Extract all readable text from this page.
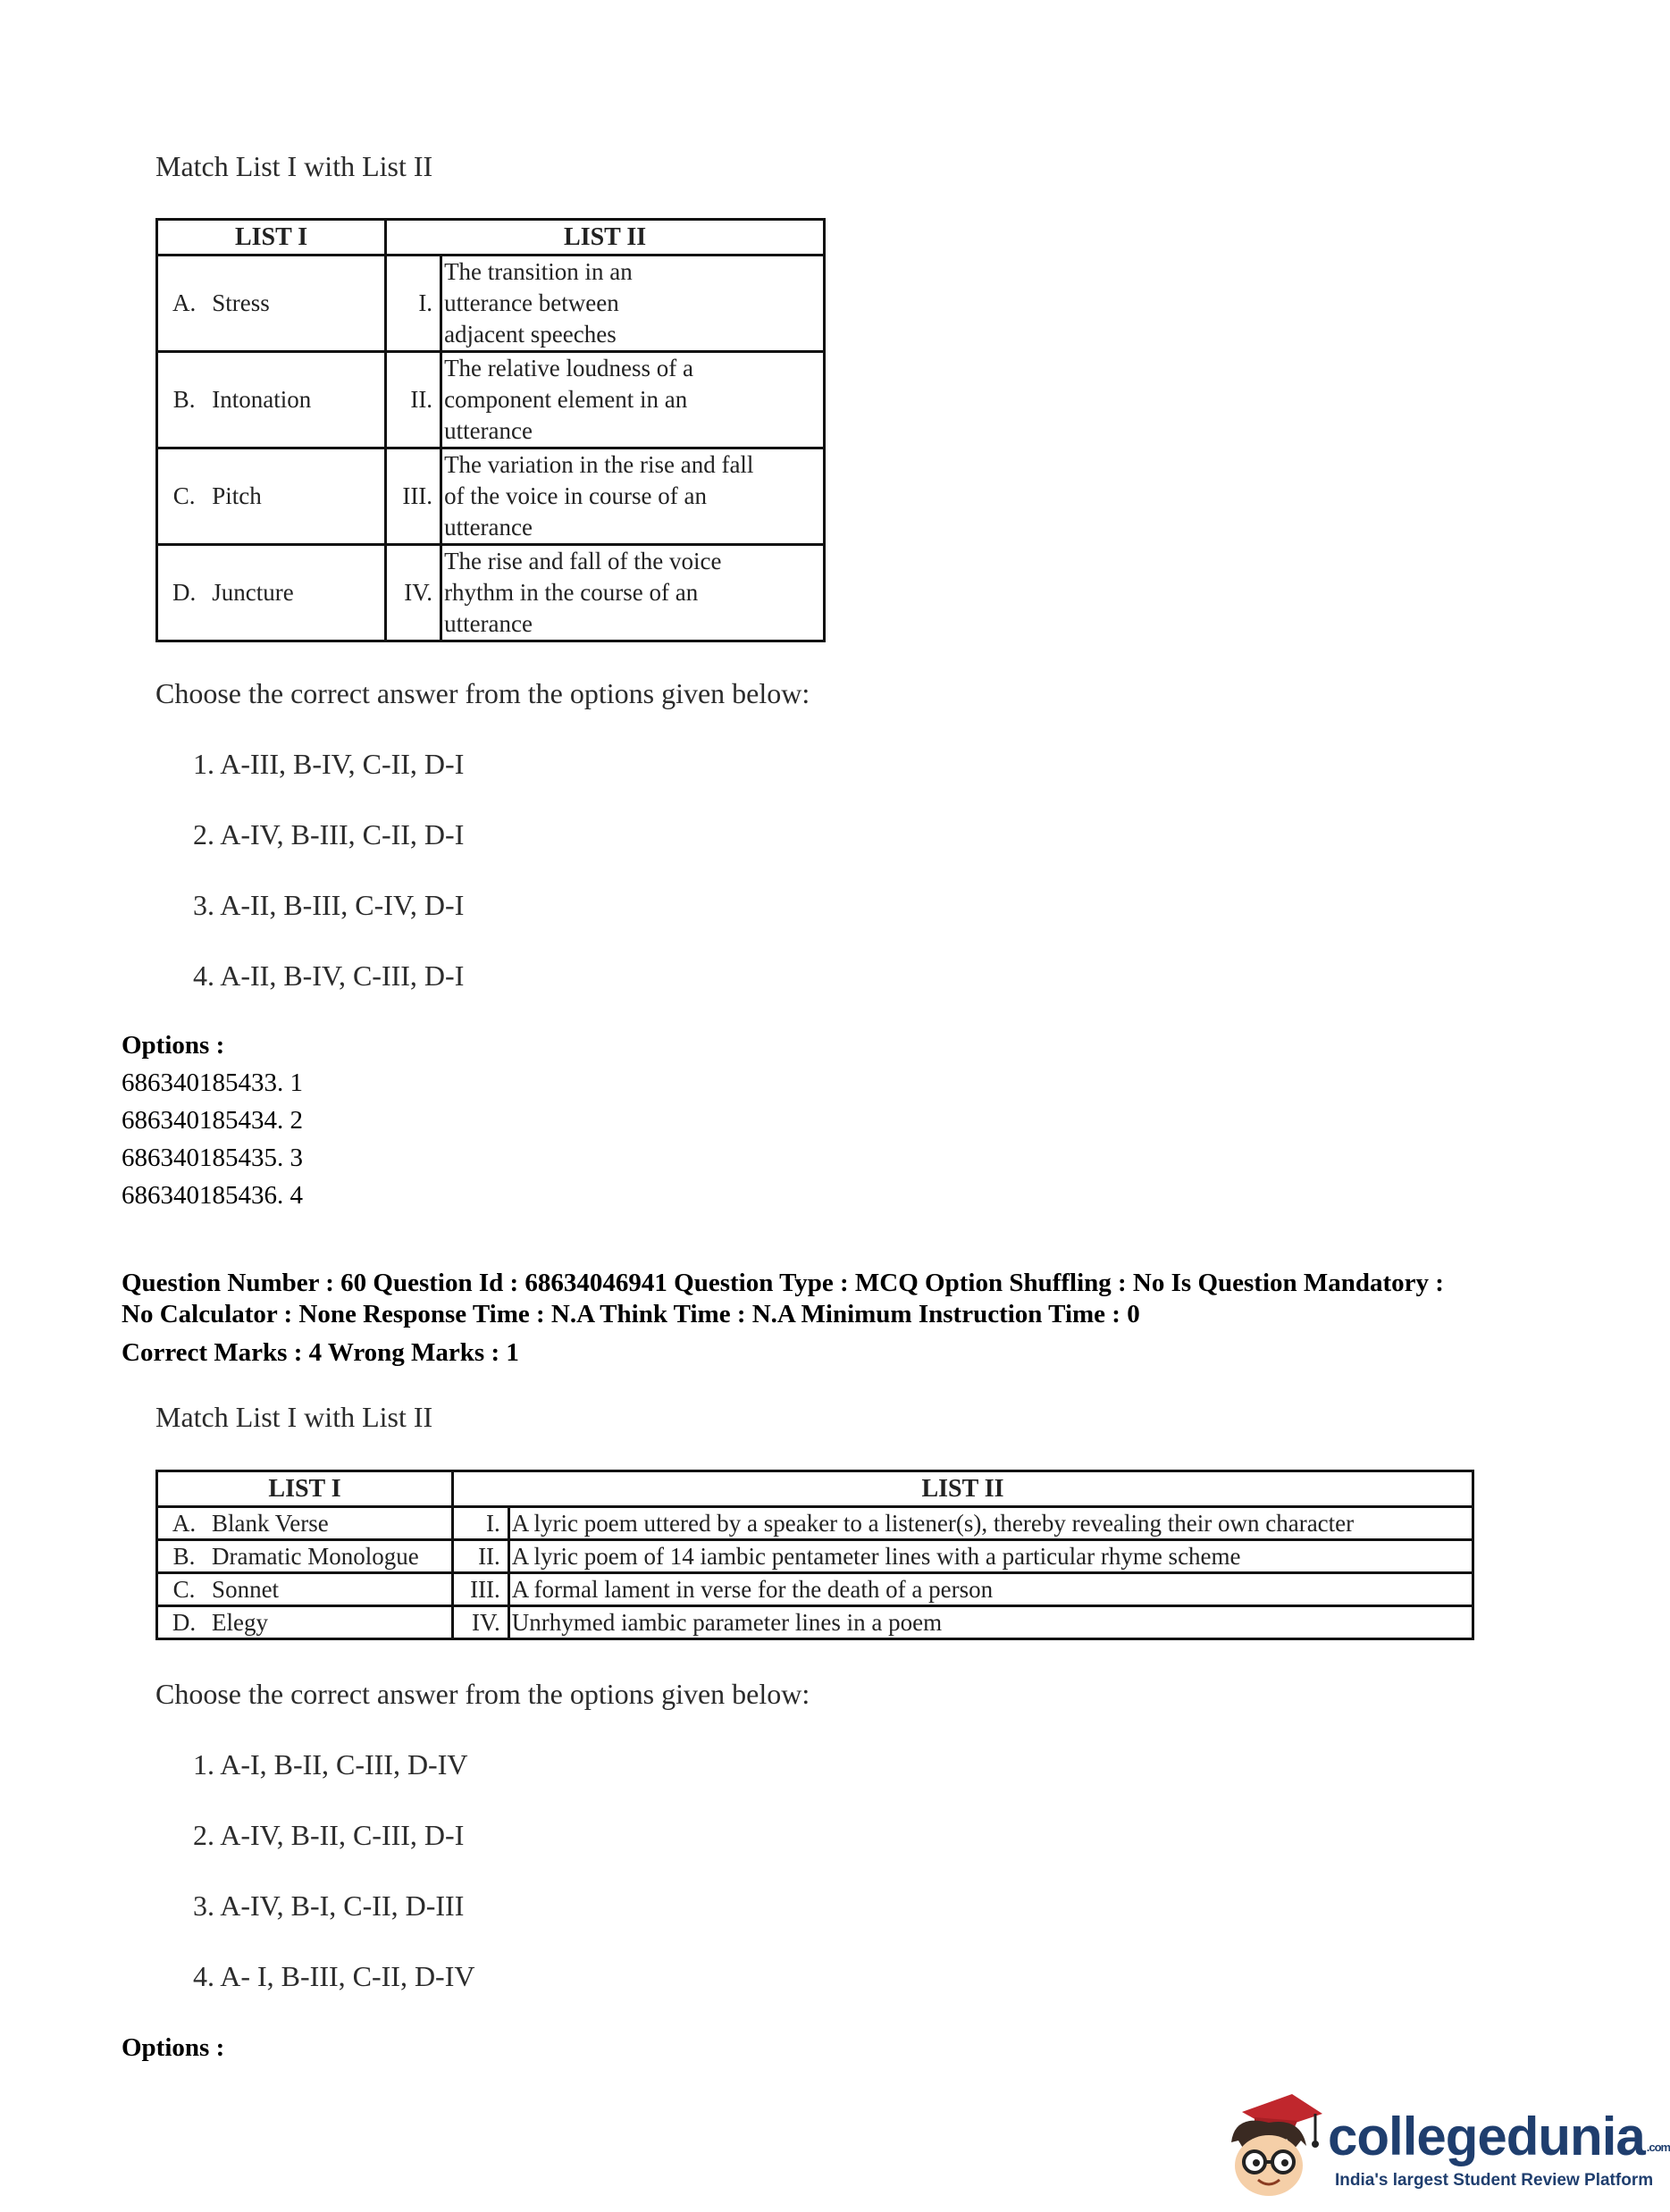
Match List I with List II
LIST I		LIST II	
A.	Stress	I.	The transition in an
utterance between
adjacent speeches

B.	Intonation	II.	The relative loudness of a
component element in an
utterance

C.	Pitch	III.	The variation in the rise and fall
of the voice in course of an
utterance

D.	Juncture	IV.	The rise and fall of the voice
rhythm in the course of an
utterance
Choose the correct answer from the options given below:
1. A-III, B-IV, C-II, D-I
2. A-IV, B-III, C-II, D-I
3. A-II, B-III, C-IV, D-I
4. A-II, B-IV, C-III, D-I
Options :
686340185433. 1
686340185434. 2
686340185435. 3
686340185436. 4
Question Number : 60 Question Id : 68634046941 Question Type : MCQ Option Shuffling : No Is Question Mandatory :
No Calculator : None Response Time : N.A Think Time : N.A Minimum Instruction Time : 0
Correct Marks : 4 Wrong Marks : 1
Match List I with List II
LIST I		LIST II	
A.	Blank Verse	I.	A lyric poem uttered by a speaker to a listener(s), thereby revealing their own character
B.	Dramatic Monologue	II.	A lyric poem of 14 iambic pentameter lines with a particular rhyme scheme
C.	Sonnet	III.	A formal lament in verse for the death of a person
D.	Elegy	IV.	Unrhymed iambic parameter lines in a poem
Choose the correct answer from the options given below:
1. A-I, B-II, C-III, D-IV
2. A-IV, B-II, C-III, D-I
3. A-IV, B-I, C-II, D-III
4. A- I, B-III, C-II, D-IV
Options :
collegedunia .com
India's largest Student Review Platform
